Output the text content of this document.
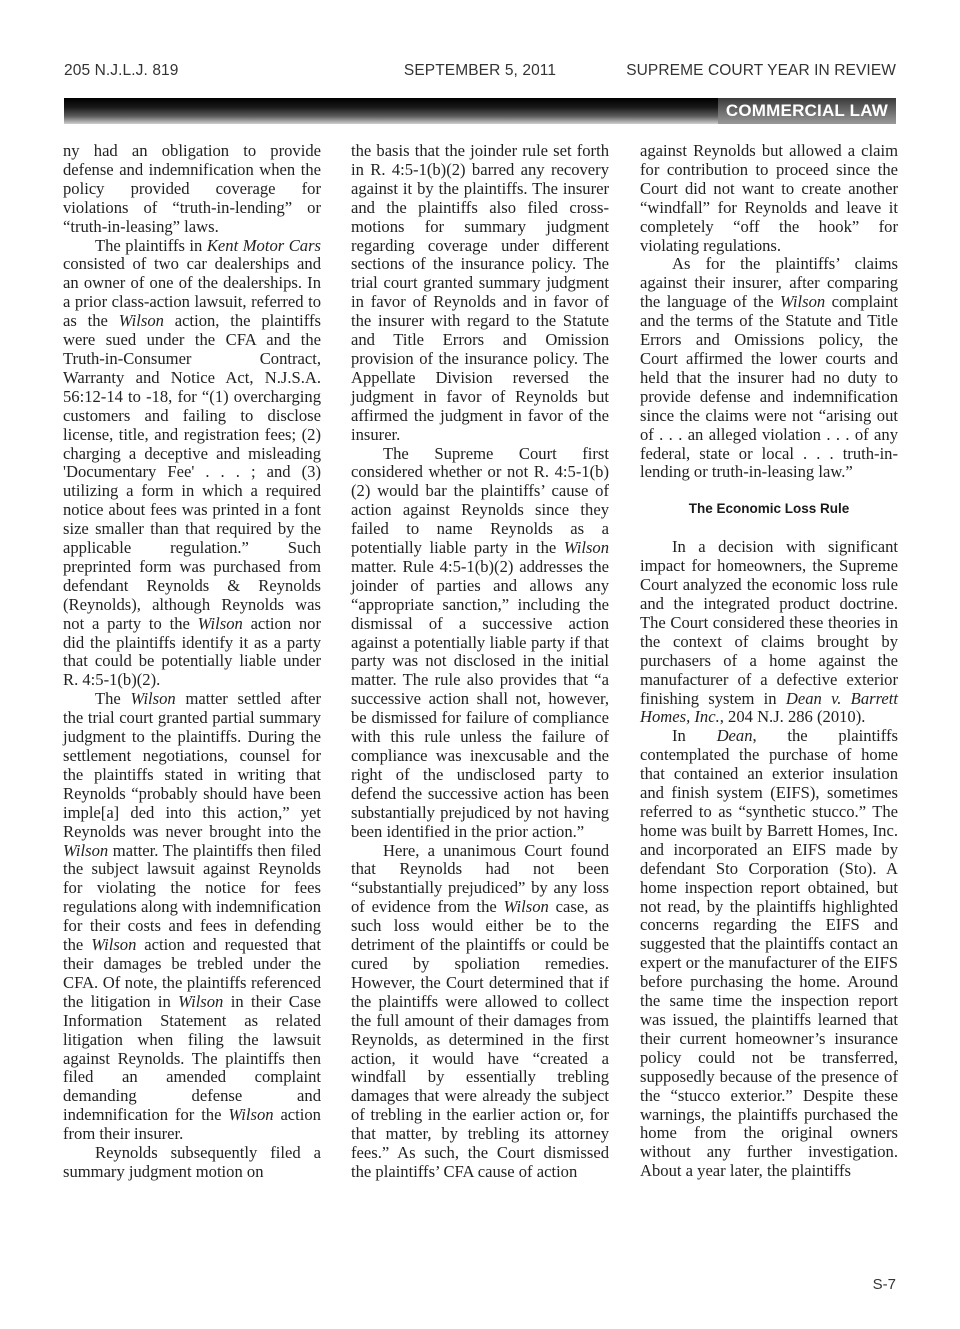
205 N.J.L.J. 819	SEPTEMBER 5, 2011	SUPREME COURT YEAR IN REVIEW
COMMERCIAL LAW

ny had an obligation to provide defense and indemnification when the policy provided coverage for violations of “truth-in-lending” or “truth-in-leasing” laws.

The plaintiffs in Kent Motor Cars consisted of two car dealerships and an owner of one of the dealerships. In a prior class-action lawsuit, referred to as the Wilson action, the plaintiffs were sued under the CFA and the Truth-in-Consumer Contract, Warranty and Notice Act, N.J.S.A. 56:12-14 to -18, for “(1) overcharging customers and failing to disclose license, title, and registration fees; (2) charging a deceptive and misleading 'Documentary Fee' . . . ; and (3) utilizing a form in which a required notice about fees was printed in a font size smaller than that required by the applicable regulation.” Such preprinted form was purchased from defendant Reynolds & Reynolds (Reynolds), although Reynolds was not a party to the Wilson action nor did the plaintiffs identify it as a party that could be potentially liable under R. 4:5-1(b)(2).

The Wilson matter settled after the trial court granted partial summary judgment to the plaintiffs. During the settlement negotiations, counsel for the plaintiffs stated in writing that Reynolds “probably should have been imple[a] ded into this action,” yet Reynolds was never brought into the Wilson matter. The plaintiffs then filed the subject lawsuit against Reynolds for violating the notice for fees regulations along with indemnification for their costs and fees in defending the Wilson action and requested that their damages be trebled under the CFA. Of note, the plaintiffs referenced the litigation in Wilson in their Case Information Statement as related litigation when filing the lawsuit against Reynolds. The plaintiffs then filed an amended complaint demanding defense and indemnification for the Wilson action from their insurer.

Reynolds subsequently filed a summary judgment motion on

the basis that the joinder rule set forth in R. 4:5-1(b)(2) barred any recovery against it by the plaintiffs. The insurer and the plaintiffs also filed cross-motions for summary judgment regarding coverage under different sections of the insurance policy. The trial court granted summary judgment in favor of Reynolds and in favor of the insurer with regard to the Statute and Title Errors and Omission provision of the insurance policy. The Appellate Division reversed the judgment in favor of Reynolds but affirmed the judgment in favor of the insurer.

The Supreme Court first considered whether or not R. 4:5-1(b)(2) would bar the plaintiffs’ cause of action against Reynolds since they failed to name Reynolds as a potentially liable party in the Wilson matter. Rule 4:5-1(b)(2) addresses the joinder of parties and allows any “appropriate sanction,” including the dismissal of a successive action against a potentially liable party if that party was not disclosed in the initial matter. The rule also provides that “a successive action shall not, however, be dismissed for failure of compliance with this rule unless the failure of compliance was inexcusable and the right of the undisclosed party to defend the successive action has been substantially prejudiced by not having been identified in the prior action.”

Here, a unanimous Court found that Reynolds had not been “substantially prejudiced” by any loss of evidence from the Wilson case, as such loss would either be to the detriment of the plaintiffs or could be cured by spoliation remedies. However, the Court determined that if the plaintiffs were allowed to collect the full amount of their damages from Reynolds, as determined in the first action, it would have “created a windfall by essentially trebling damages that were already the subject of trebling in the earlier action or, for that matter, by trebling its attorney fees.” As such, the Court dismissed the plaintiffs’ CFA cause of action

against Reynolds but allowed a claim for contribution to proceed since the Court did not want to create another “windfall” for Reynolds and leave it completely “off the hook” for violating regulations.

As for the plaintiffs’ claims against their insurer, after comparing the language of the Wilson complaint and the terms of the Statute and Title Errors and Omissions policy, the Court affirmed the lower courts and held that the insurer had no duty to provide defense and indemnification since the claims were not “arising out of . . . an alleged violation . . . of any federal, state or local . . . truth-in-lending or truth-in-leasing law.”

The Economic Loss Rule

In a decision with significant impact for homeowners, the Supreme Court analyzed the economic loss rule and the integrated product doctrine. The Court considered these theories in the context of claims brought by purchasers of a home against the manufacturer of a defective exterior finishing system in Dean v. Barrett Homes, Inc., 204 N.J. 286 (2010).

In Dean, the plaintiffs contemplated the purchase of home that contained an exterior insulation and finish system (EIFS), sometimes referred to as “synthetic stucco.” The home was built by Barrett Homes, Inc. and incorporated an EIFS made by defendant Sto Corporation (Sto). A home inspection report obtained, but not read, by the plaintiffs highlighted concerns regarding the EIFS and suggested that the plaintiffs contact an expert or the manufacturer of the EIFS before purchasing the home. Around the same time the inspection report was issued, the plaintiffs learned that their current homeowner’s insurance policy could not be transferred, supposedly because of the presence of the “stucco exterior.” Despite these warnings, the plaintiffs purchased the home from the original owners without any further investigation. About a year later, the plaintiffs

S-7
